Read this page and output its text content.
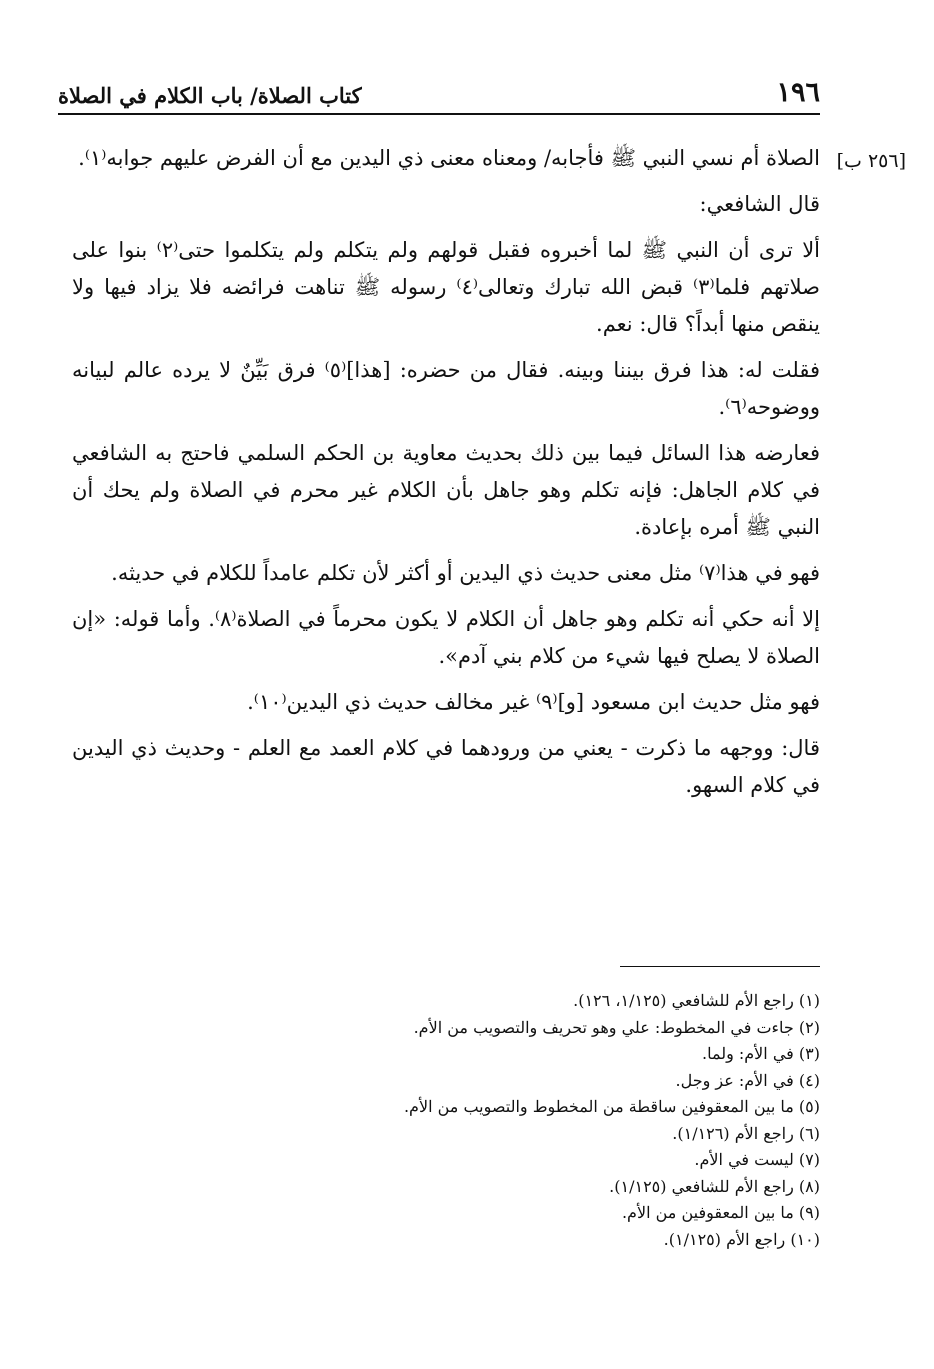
١٩٦
كتاب الصلاة/ باب الكلام في الصلاة
[٢٥٦ ب]

الصلاة أم نسي النبي ﷺ فأجابه/ ومعناه معنى ذي اليدين مع أن الفرض عليهم جوابه⁽١⁾.

قال الشافعي:

ألا ترى أن النبي ﷺ لما أخبروه فقبل قولهم ولم يتكلم ولم يتكلموا حتى⁽٢⁾ بنوا على صلاتهم فلما⁽٣⁾ قبض الله تبارك وتعالى⁽٤⁾ رسوله ﷺ تناهت فرائضه فلا يزاد فيها ولا ينقص منها أبداً؟ قال: نعم.

فقلت له: هذا فرق بيننا وبينه. فقال من حضره: [هذا]⁽٥⁾ فرق بَيِّنٌ لا يرده عالم لبيانه ووضوحه⁽٦⁾.

فعارضه هذا السائل فيما بين ذلك بحديث معاوية بن الحكم السلمي فاحتج به الشافعي في كلام الجاهل: فإنه تكلم وهو جاهل بأن الكلام غير محرم في الصلاة ولم يحك أن النبي ﷺ أمره بإعادة.

فهو في هذا⁽٧⁾ مثل معنى حديث ذي اليدين أو أكثر لأن تكلم عامداً للكلام في حديثه.

إلا أنه حكي أنه تكلم وهو جاهل أن الكلام لا يكون محرماً في الصلاة⁽٨⁾. وأما قوله: «إن الصلاة لا يصلح فيها شيء من كلام بني آدم».

فهو مثل حديث ابن مسعود [و]⁽٩⁾ غير مخالف حديث ذي اليدين⁽١٠⁾.

قال: ووجهه ما ذكرت - يعني من ورودهما في كلام العمد مع العلم - وحديث ذي اليدين في كلام السهو.

(١) راجع الأم للشافعي (١/١٢٥، ١٢٦).

(٢) جاءت في المخطوط: علي وهو تحريف والتصويب من الأم.

(٣) في الأم: ولما.

(٤) في الأم: عز وجل.

(٥) ما بين المعقوفين ساقطة من المخطوط والتصويب من الأم.

(٦) راجع الأم (١/١٢٦).

(٧) ليست في الأم.

(٨) راجع الأم للشافعي (١/١٢٥).

(٩) ما بين المعقوفين من الأم.

(١٠) راجع الأم (١/١٢٥).
